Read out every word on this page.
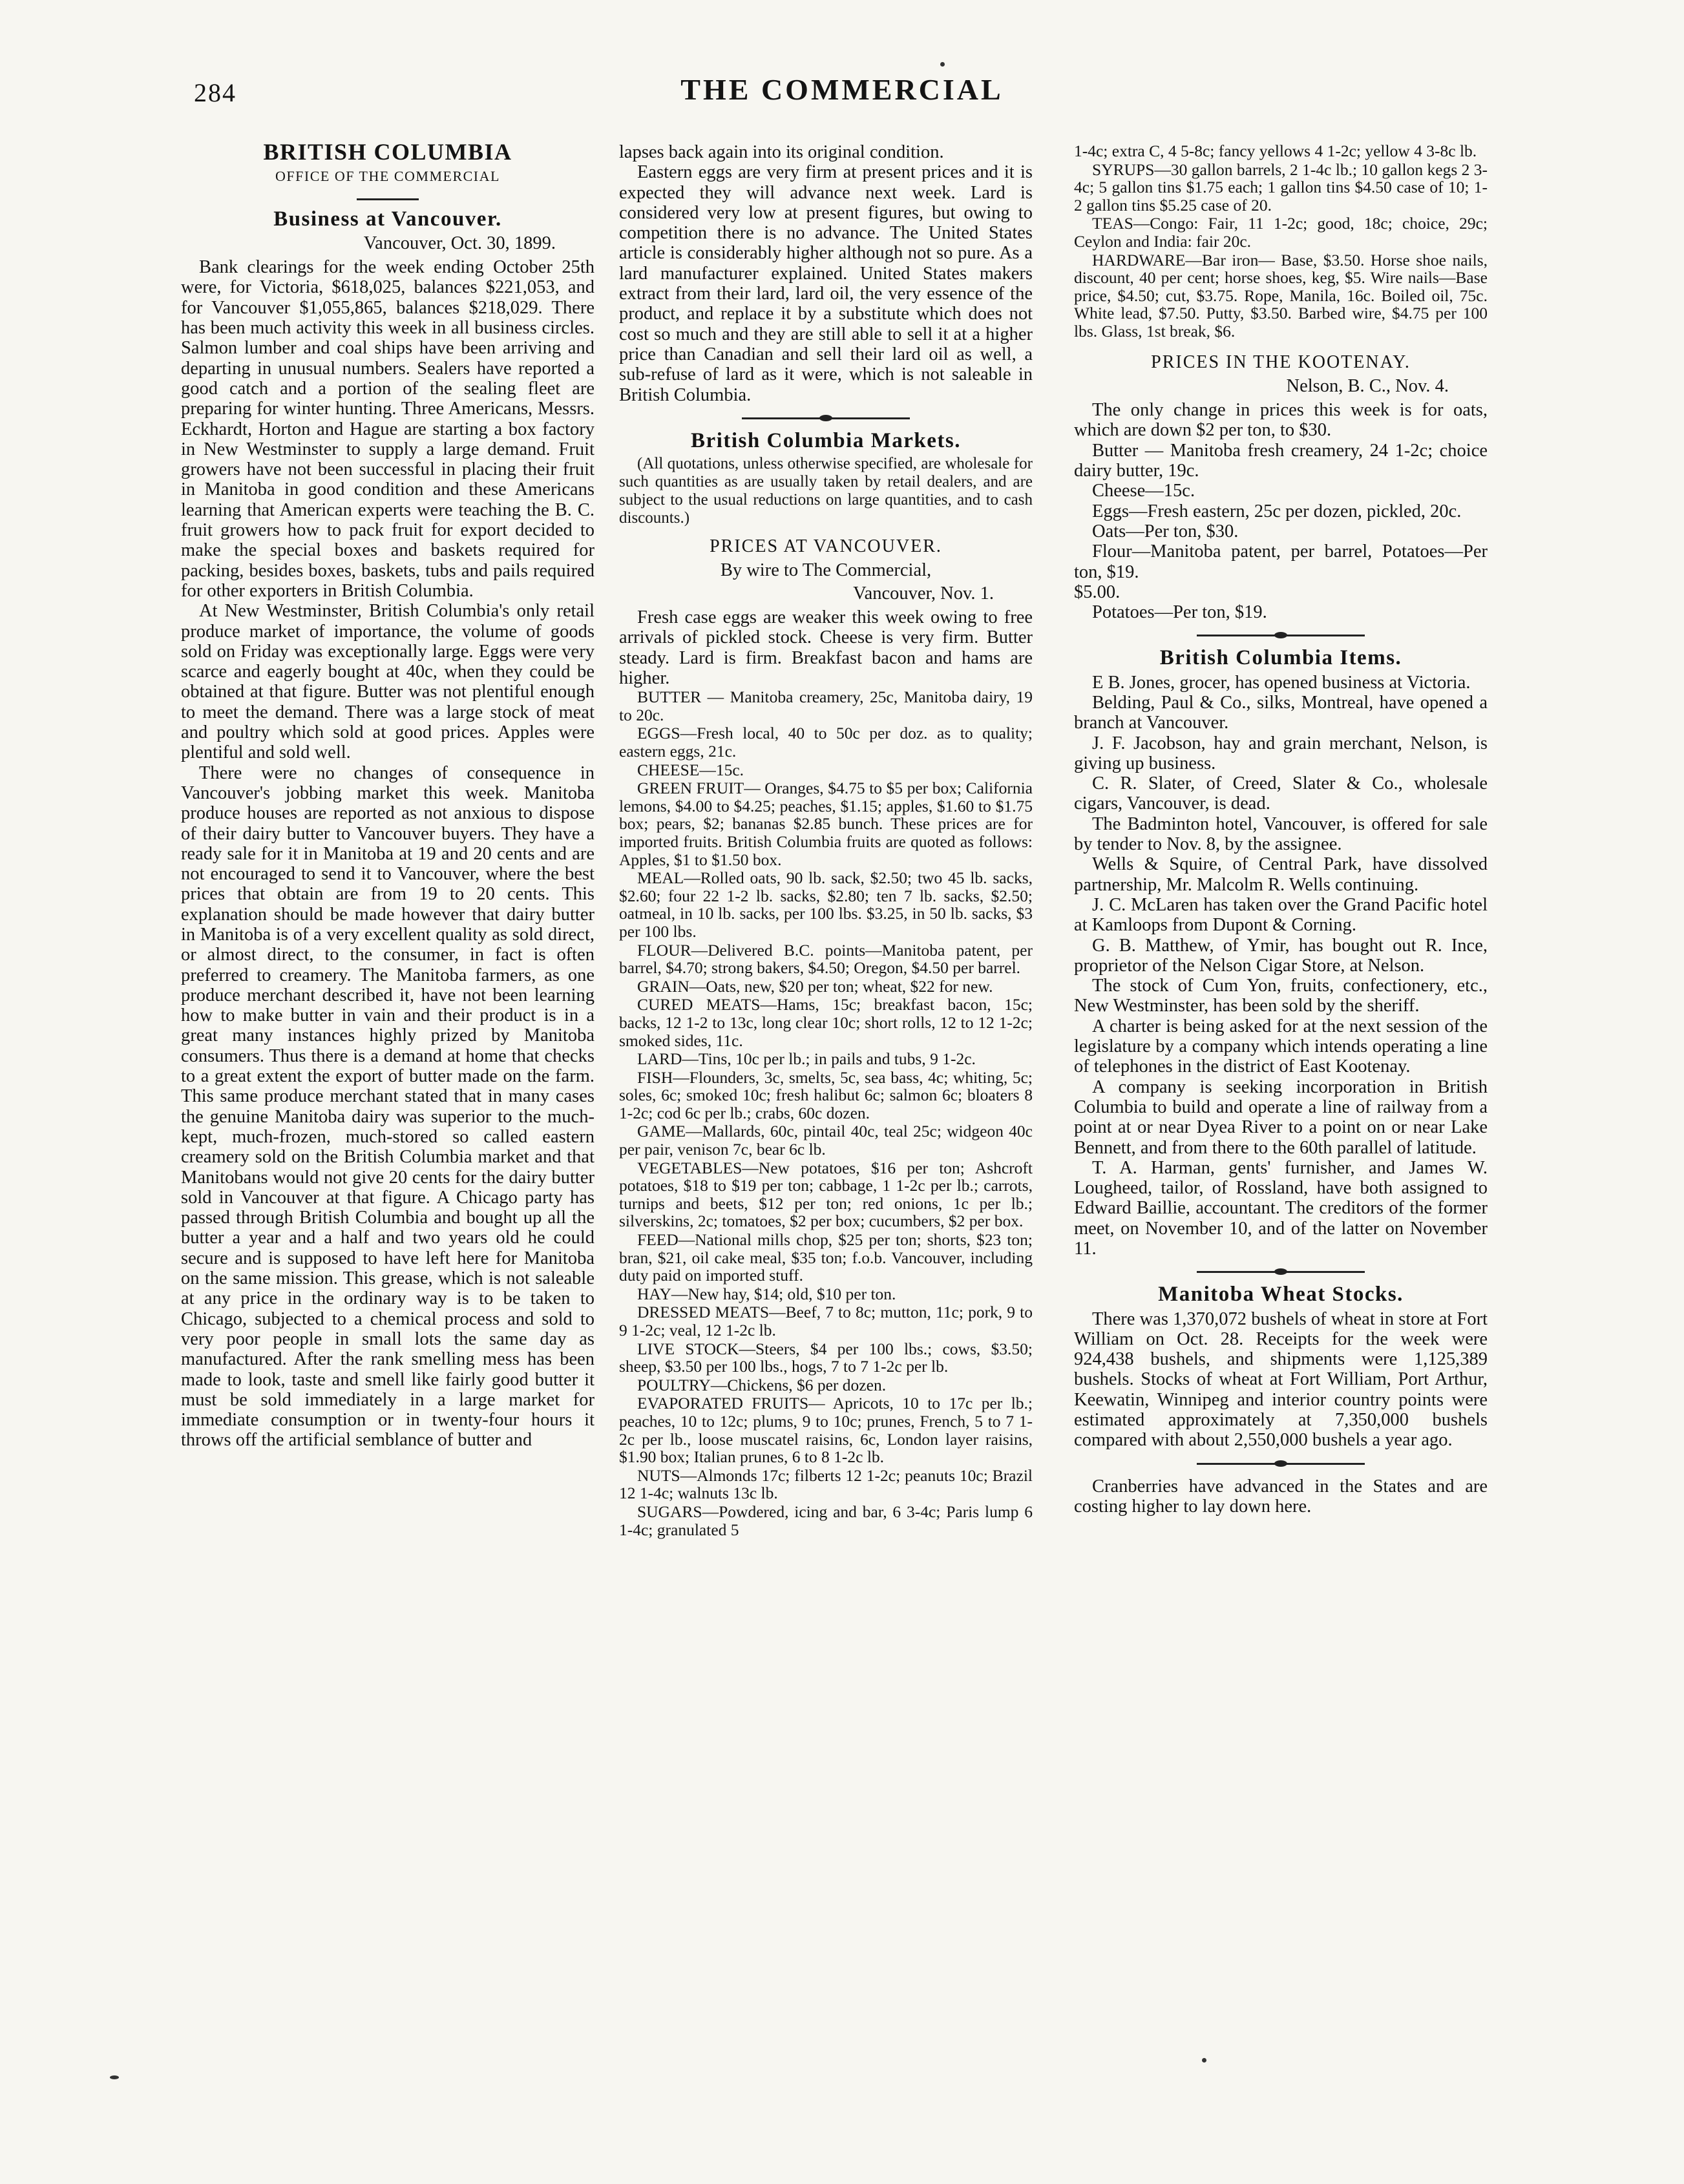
284	THE COMMERCIAL
BRITISH COLUMBIA
OFFICE OF THE COMMERCIAL
Business at Vancouver.
Vancouver, Oct. 30, 1899.

Bank clearings for the week ending October 25th were, for Victoria, $618,025, balances $221,053, and for Vancouver $1,055,865, balances $218,029. There has been much activity this week in all business circles. Salmon lumber and coal ships have been arriving and departing in unusual numbers. Sealers have reported a good catch and a portion of the sealing fleet are preparing for winter hunting. Three Americans, Messrs. Eckhardt, Horton and Hague are starting a box factory in New Westminster to supply a large demand. Fruit growers have not been successful in placing their fruit in Manitoba in good condition and these Americans learning that American experts were teaching the B. C. fruit growers how to pack fruit for export decided to make the special boxes and baskets required for packing, besides boxes, baskets, tubs and pails required for other exporters in British Columbia.

At New Westminster, British Columbia's only retail produce market of importance, the volume of goods sold on Friday was exceptionally large. Eggs were very scarce and eagerly bought at 40c, when they could be obtained at that figure. Butter was not plentiful enough to meet the demand. There was a large stock of meat and poultry which sold at good prices. Apples were plentiful and sold well.

There were no changes of consequence in Vancouver's jobbing market this week. Manitoba produce houses are reported as not anxious to dispose of their dairy butter to Vancouver buyers. They have a ready sale for it in Manitoba at 19 and 20 cents and are not encouraged to send it to Vancouver, where the best prices that obtain are from 19 to 20 cents. This explanation should be made however that dairy butter in Manitoba is of a very excellent quality as sold direct, or almost direct, to the consumer, in fact is often preferred to creamery. The Manitoba farmers, as one produce merchant described it, have not been learning how to make butter in vain and their product is in a great many instances highly prized by Manitoba consumers. Thus there is a demand at home that checks to a great extent the export of butter made on the farm. This same produce merchant stated that in many cases the genuine Manitoba dairy was superior to the much-kept, much-frozen, much-stored so called eastern creamery sold on the British Columbia market and that Manitobans would not give 20 cents for the dairy butter sold in Vancouver at that figure. A Chicago party has passed through British Columbia and bought up all the butter a year and a half and two years old he could secure and is supposed to have left here for Manitoba on the same mission. This grease, which is not saleable at any price in the ordinary way is to be taken to Chicago, subjected to a chemical process and sold to very poor people in small lots the same day as manufactured. After the rank smelling mess has been made to look, taste and smell like fairly good butter it must be sold immediately in a large market for immediate consumption or in twenty-four hours it throws off the artificial semblance of butter and

lapses back again into its original condition.

Eastern eggs are very firm at present prices and it is expected they will advance next week. Lard is considered very low at present figures, but owing to competition there is no advance. The United States article is considerably higher although not so pure. As a lard manufacturer explained. United States makers extract from their lard, lard oil, the very essence of the product, and replace it by a substitute which does not cost so much and they are still able to sell it at a higher price than Canadian and sell their lard oil as well, a sub-refuse of lard as it were, which is not saleable in British Columbia.

British Columbia Markets.

(All quotations, unless otherwise specified, are wholesale for such quantities as are usually taken by retail dealers, and are subject to the usual reductions on large quantities, and to cash discounts.)

PRICES AT VANCOUVER.
By wire to The Commercial,
Vancouver, Nov. 1.

Fresh case eggs are weaker this week owing to free arrivals of pickled stock. Cheese is very firm. Butter steady. Lard is firm. Breakfast bacon and hams are higher.

BUTTER — Manitoba creamery, 25c, Manitoba dairy, 19 to 20c.

EGGS—Fresh local, 40 to 50c per doz. as to quality; eastern eggs, 21c.

CHEESE—15c.

GREEN FRUIT— Oranges, $4.75 to $5 per box; California lemons, $4.00 to $4.25; peaches, $1.15; apples, $1.60 to $1.75 box; pears, $2; bananas $2.85 bunch. These prices are for imported fruits. British Columbia fruits are quoted as follows: Apples, $1 to $1.50 box.

MEAL—Rolled oats, 90 lb. sack, $2.50; two 45 lb. sacks, $2.60; four 22 1-2 lb. sacks, $2.80; ten 7 lb. sacks, $2.50; oatmeal, in 10 lb. sacks, per 100 lbs. $3.25, in 50 lb. sacks, $3 per 100 lbs.

FLOUR—Delivered B.C. points—Manitoba patent, per barrel, $4.70; strong bakers, $4.50; Oregon, $4.50 per barrel.

GRAIN—Oats, new, $20 per ton; wheat, $22 for new.

CURED MEATS—Hams, 15c; breakfast bacon, 15c; backs, 12 1-2 to 13c, long clear 10c; short rolls, 12 to 12 1-2c; smoked sides, 11c.

LARD—Tins, 10c per lb.; in pails and tubs, 9 1-2c.

FISH—Flounders, 3c, smelts, 5c, sea bass, 4c; whiting, 5c; soles, 6c; smoked 10c; fresh halibut 6c; salmon 6c; bloaters 8 1-2c; cod 6c per lb.; crabs, 60c dozen.

GAME—Mallards, 60c, pintail 40c, teal 25c; widgeon 40c per pair, venison 7c, bear 6c lb.

VEGETABLES—New potatoes, $16 per ton; Ashcroft potatoes, $18 to $19 per ton; cabbage, 1 1-2c per lb.; carrots, turnips and beets, $12 per ton; red onions, 1c per lb.; silverskins, 2c; tomatoes, $2 per box; cucumbers, $2 per box.

FEED—National mills chop, $25 per ton; shorts, $23 ton; bran, $21, oil cake meal, $35 ton; f.o.b. Vancouver, including duty paid on imported stuff.

HAY—New hay, $14; old, $10 per ton.

DRESSED MEATS—Beef, 7 to 8c; mutton, 11c; pork, 9 to 9 1-2c; veal, 12 1-2c lb.

LIVE STOCK—Steers, $4 per 100 lbs.; cows, $3.50; sheep, $3.50 per 100 lbs., hogs, 7 to 7 1-2c per lb.

POULTRY—Chickens, $6 per dozen.

EVAPORATED FRUITS— Apricots, 10 to 17c per lb.; peaches, 10 to 12c; plums, 9 to 10c; prunes, French, 5 to 7 1-2c per lb., loose muscatel raisins, 6c, London layer raisins, $1.90 box; Italian prunes, 6 to 8 1-2c lb.

NUTS—Almonds 17c; filberts 12 1-2c; peanuts 10c; Brazil 12 1-4c; walnuts 13c lb.

SUGARS—Powdered, icing and bar, 6 3-4c; Paris lump 6 1-4c; granulated 5

1-4c; extra C, 4 5-8c; fancy yellows 4 1-2c; yellow 4 3-8c lb.

SYRUPS—30 gallon barrels, 2 1-4c lb.; 10 gallon kegs 2 3-4c; 5 gallon tins $1.75 each; 1 gallon tins $4.50 case of 10; 1-2 gallon tins $5.25 case of 20.

TEAS—Congo: Fair, 11 1-2c; good, 18c; choice, 29c; Ceylon and India: fair 20c.

HARDWARE—Bar iron— Base, $3.50. Horse shoe nails, discount, 40 per cent; horse shoes, keg, $5. Wire nails—Base price, $4.50; cut, $3.75. Rope, Manila, 16c. Boiled oil, 75c. White lead, $7.50. Putty, $3.50. Barbed wire, $4.75 per 100 lbs. Glass, 1st break, $6.

PRICES IN THE KOOTENAY.
Nelson, B. C., Nov. 4.

The only change in prices this week is for oats, which are down $2 per ton, to $30.

Butter — Manitoba fresh creamery, 24 1-2c; choice dairy butter, 19c.

Cheese—15c.

Eggs—Fresh eastern, 25c per dozen, pickled, 20c.

Oats—Per ton, $30.

Flour—Manitoba patent, per barrel, Potatoes—Per ton, $19.

$5.00.

Potatoes—Per ton, $19.

British Columbia Items.

E B. Jones, grocer, has opened business at Victoria.

Belding, Paul & Co., silks, Montreal, have opened a branch at Vancouver.

J. F. Jacobson, hay and grain merchant, Nelson, is giving up business.

C. R. Slater, of Creed, Slater & Co., wholesale cigars, Vancouver, is dead.

The Badminton hotel, Vancouver, is offered for sale by tender to Nov. 8, by the assignee.

Wells & Squire, of Central Park, have dissolved partnership, Mr. Malcolm R. Wells continuing.

J. C. McLaren has taken over the Grand Pacific hotel at Kamloops from Dupont & Corning.

G. B. Matthew, of Ymir, has bought out R. Ince, proprietor of the Nelson Cigar Store, at Nelson.

The stock of Cum Yon, fruits, confectionery, etc., New Westminster, has been sold by the sheriff.

A charter is being asked for at the next session of the legislature by a company which intends operating a line of telephones in the district of East Kootenay.

A company is seeking incorporation in British Columbia to build and operate a line of railway from a point at or near Dyea River to a point on or near Lake Bennett, and from there to the 60th parallel of latitude.

T. A. Harman, gents' furnisher, and James W. Lougheed, tailor, of Rossland, have both assigned to Edward Baillie, accountant. The creditors of the former meet, on November 10, and of the latter on November 11.

Manitoba Wheat Stocks.

There was 1,370,072 bushels of wheat in store at Fort William on Oct. 28. Receipts for the week were 924,438 bushels, and shipments were 1,125,389 bushels. Stocks of wheat at Fort William, Port Arthur, Keewatin, Winnipeg and interior country points were estimated approximately at 7,350,000 bushels compared with about 2,550,000 bushels a year ago.

Cranberries have advanced in the States and are costing higher to lay down here.
